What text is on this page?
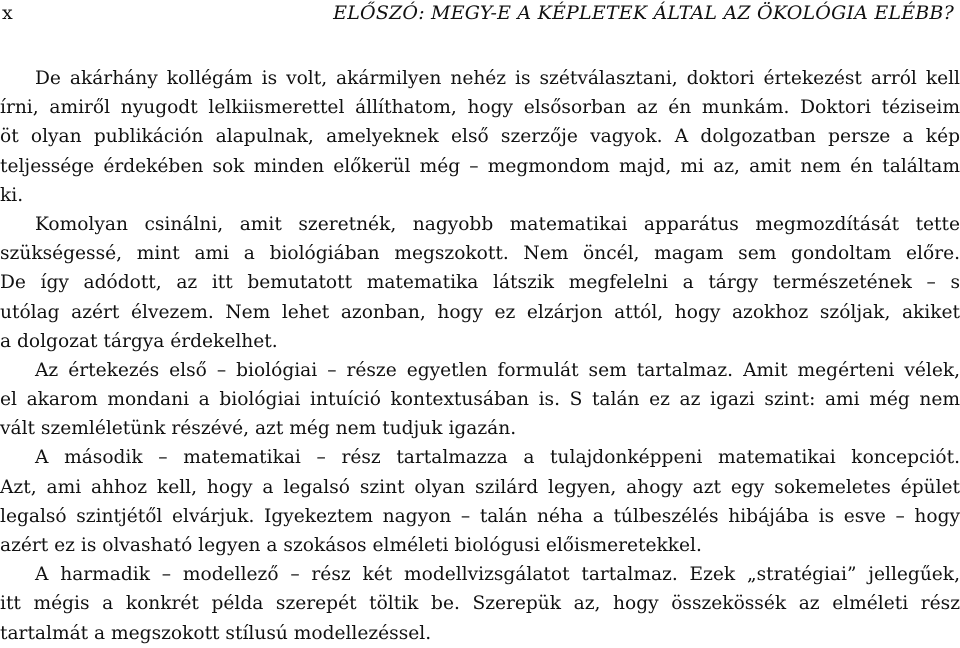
x	ELŐSZÓ: MEGY-E A KÉPLETEK ÁLTAL AZ ÖKOLÓGIA ELÉBB?
De akárhány kollégám is volt, akármilyen nehéz is szétválasztani, doktori értekezést arról kell
írni, amiről nyugodt lelkiismerettel állíthatom, hogy elsősorban az én munkám. Doktori téziseim
öt olyan publikáción alapulnak, amelyeknek első szerzője vagyok. A dolgozatban persze a kép
teljessége érdekében sok minden előkerül még – megmondom majd, mi az, amit nem én találtam
ki.
Komolyan csinálni, amit szeretnék, nagyobb matematikai apparátus megmozdítását tette
szükségessé, mint ami a biológiában megszokott. Nem öncél, magam sem gondoltam előre.
De így adódott, az itt bemutatott matematika látszik megfelelni a tárgy természetének – s
utólag azért élvezem. Nem lehet azonban, hogy ez elzárjon attól, hogy azokhoz szóljak, akiket
a dolgozat tárgya érdekelhet.
Az értekezés első – biológiai – része egyetlen formulát sem tartalmaz. Amit megérteni vélek,
el akarom mondani a biológiai intuíció kontextusában is. S talán ez az igazi szint: ami még nem
vált szemléletünk részévé, azt még nem tudjuk igazán.
A második – matematikai – rész tartalmazza a tulajdonképpeni matematikai koncepciót.
Azt, ami ahhoz kell, hogy a legalsó szint olyan szilárd legyen, ahogy azt egy sokemeletes épület
legalsó szintjétől elvárjuk. Igyekeztem nagyon – talán néha a túlbeszélés hibájába is esve – hogy
azért ez is olvasható legyen a szokásos elméleti biológusi előismeretekkel.
A harmadik – modellező – rész két modellvizsgálatot tartalmaz. Ezek „stratégiai” jellegűek,
itt mégis a konkrét példa szerepét töltik be. Szerepük az, hogy összekössék az elméleti rész
tartalmát a megszokott stílusú modellezéssel.
